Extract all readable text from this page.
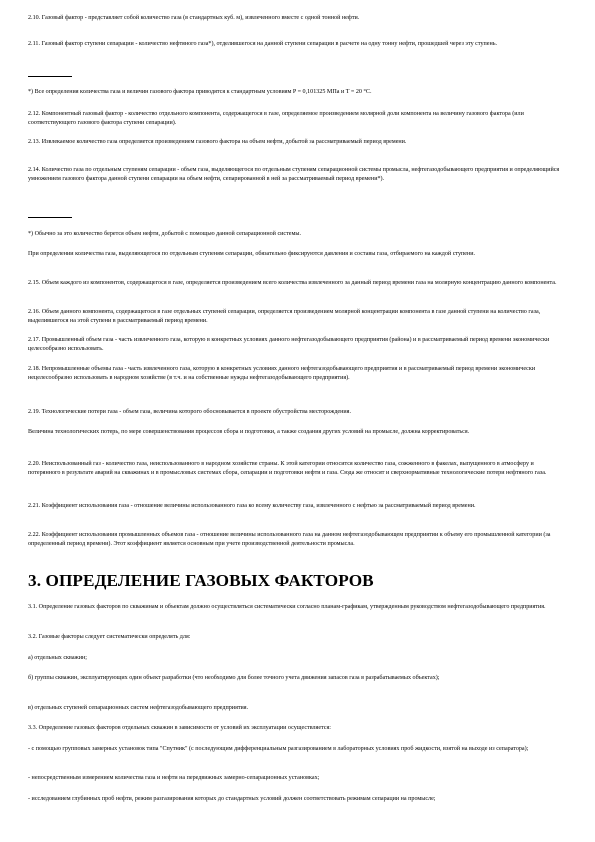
2.10. Газовый фактор - представляет собой количество газа (в стандартных куб. м), извлеченного вместе с одной тонной нефти.

2.11. Газовый фактор ступени сепарации - количество нефтяного газа*), отделившегося на данной ступени сепарации в расчете на одну тонну нефти, прошедшей через эту ступень.

*) Все определения количества газа и величин газового фактора приводятся к стандартным условиям P = 0,101325 МПа и T = 20 °C.

2.12. Компонентный газовый фактор - количество отдельного компонента, содержащегося в газе, определяемое произведением молярной доли компонента на величину газового фактора (или соответствующего газового фактора ступени сепарации).

2.13. Извлекаемое количество газа определяется произведением газового фактора на объем нефти, добытой за рассматриваемый период времени.

2.14. Количество газа по отдельным ступеням сепарации - объем газа, выделяющегося по отдельным ступеням сепарационной системы промысла, нефтегазодобывающего предприятия и определяющийся умножением газового фактора данной ступени сепарации на объем нефти, сепарированной в ней за рассматриваемый период времени*).

*) Обычно за это количество берется объем нефти, добытой с помощью данной сепарационной системы.

При определении количества газа, выделяющегося по отдельным ступеням сепарации, обязательно фиксируются давления и составы газа, отбираемого на каждой ступени.

2.15. Объем каждого из компонентов, содержащегося в газе, определяется произведением всего количества извлеченного за данный период времени газа на молярную концентрацию данного компонента.

2.16. Объем данного компонента, содержащегося в газе отдельных ступеней сепарации, определяется произведением молярной концентрации компонента в газе данной ступени на количество газа, выделившегося на этой ступени в рассматриваемый период времени.

2.17. Промышленный объем газа - часть извлеченного газа, которую в конкретных условиях данного нефтегазодобывающего предприятия (района) и в рассматриваемый период времени экономически целесообразно использовать.

2.18. Непромышленные объемы газа - часть извлеченного газа, которую в конкретных условиях данного нефтегазодобывающего предприятия и в рассматриваемый период времени экономически нецелесообразно использовать в народном хозяйстве (в т.ч. и на собственные нужды нефтегазодобывающего предприятия).

2.19. Технологические потери газа - объем газа, величина которого обосновывается в проекте обустройства месторождения.

Величина технологических потерь, по мере совершенствования процессов сбора и подготовки, а также создания других условий на промысле, должна корректироваться.

2.20. Неиспользованный газ - количество газа, неиспользованного в народном хозяйстве страны. К этой категории относится количество газа, сожженного в факелах, выпущенного в атмосферу и потерянного в результате аварий на скважинах и в промысловых системах сбора, сепарации и подготовки нефти и газа. Сюда же относят и сверхнормативные технологические потери нефтяного газа.

2.21. Коэффициент использования газа - отношение величины использованного газа ко всему количеству газа, извлеченного с нефтью за рассматриваемый период времени.

2.22. Коэффициент использования промышленных объемов газа - отношение величины использованного газа на данном нефтегазодобывающем предприятии к объему его промышленной категории (за определенный период времени). Этот коэффициент является основным при учете производственной деятельности промысла.

3. ОПРЕДЕЛЕНИЕ ГАЗОВЫХ ФАКТОРОВ

3.1. Определение газовых факторов по скважинам и объектам должно осуществляться систематически согласно планам-графикам, утвержденным руководством нефтегазодобывающего предприятия.

3.2. Газовые факторы следует систематически определять для:

а) отдельных скважин;

б) группы скважин, эксплуатирующих один объект разработки (что необходимо для более точного учета движения запасов газа в разрабатываемых объектах);

в) отдельных ступеней сепарационных систем нефтегазодобывающего предприятия.

3.3. Определение газовых факторов отдельных скважин в зависимости от условий их эксплуатации осуществляется:

- с помощью групповых замерных установок типа "Спутник" (с последующим дифференциальным разгазированием в лабораторных условиях проб жидкости, взятой на выходе из сепаратора);

- непосредственным измерением количества газа и нефти на передвижных замерно-сепарационных установках;

- исследованием глубинных проб нефти, режим разгазирования которых до стандартных условий должен соответствовать режимам сепарации на промысле;
